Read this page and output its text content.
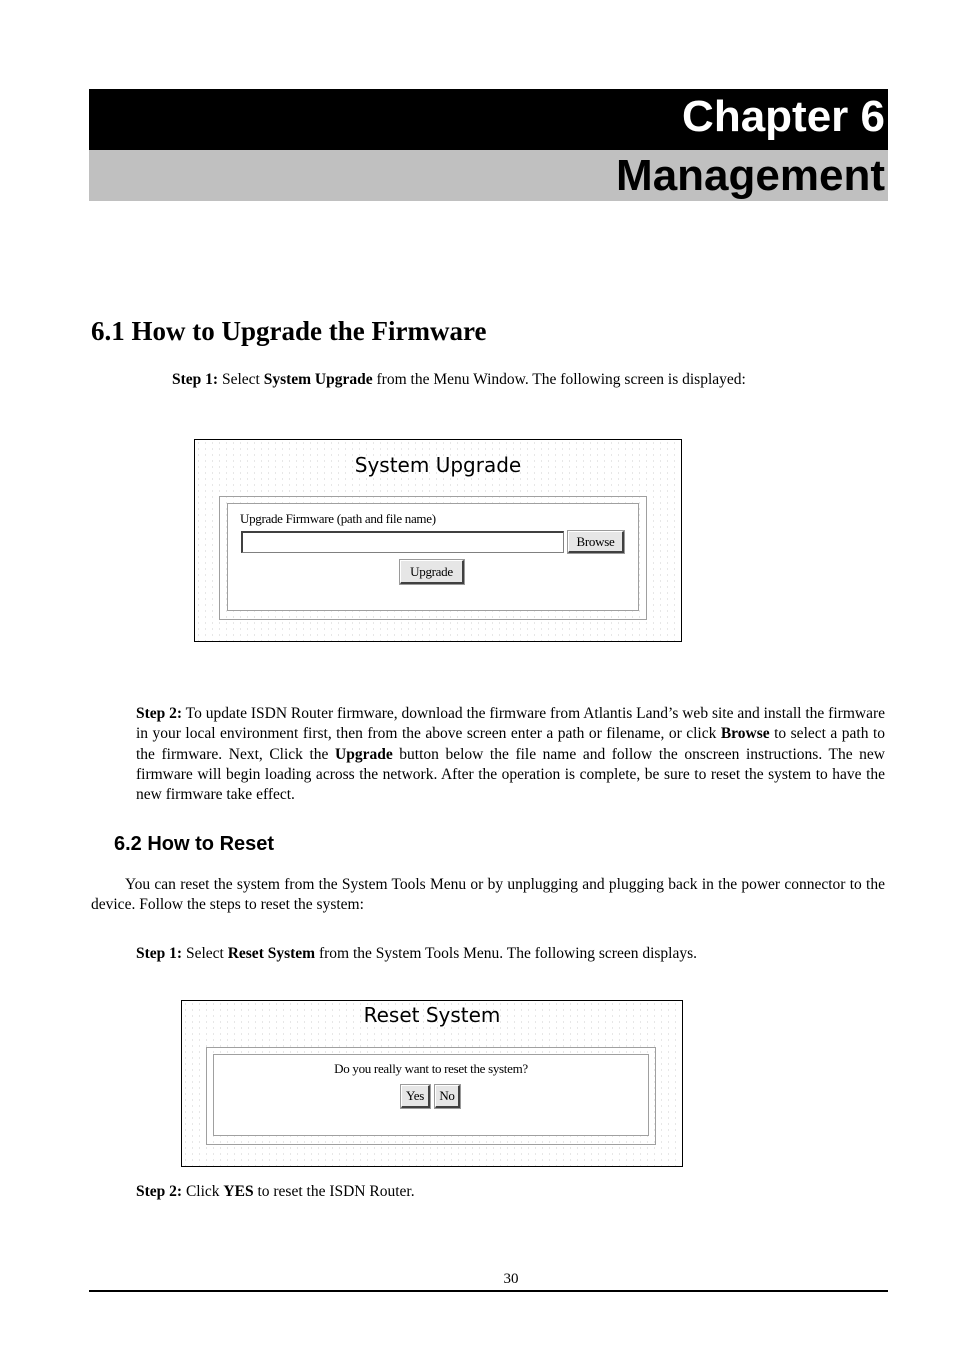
Chapter 6
Management
6.1 How to Upgrade the Firmware
Step 1: Select System Upgrade from the Menu Window. The following screen is displayed:
System Upgrade
Upgrade Firmware (path and file name)
Browse
Upgrade
Step 2: To update ISDN Router firmware, download the firmware from Atlantis Land’s web site and install the firmware in your local environment first, then from the above screen enter a path or filename, or click Browse to select a path to the firmware. Next, Click the Upgrade button below the file name and follow the onscreen instructions. The new firmware will begin loading across the network. After the operation is complete, be sure to reset the system to have the new firmware take effect.
6.2 How to Reset
You can reset the system from the System Tools Menu or by unplugging and plugging back in the power connector to the device. Follow the steps to reset the system:
Step 1: Select Reset System from the System Tools Menu. The following screen displays.
Reset System
Do you really want to reset the system?
Yes	No
Step 2: Click YES to reset the ISDN Router.
30
